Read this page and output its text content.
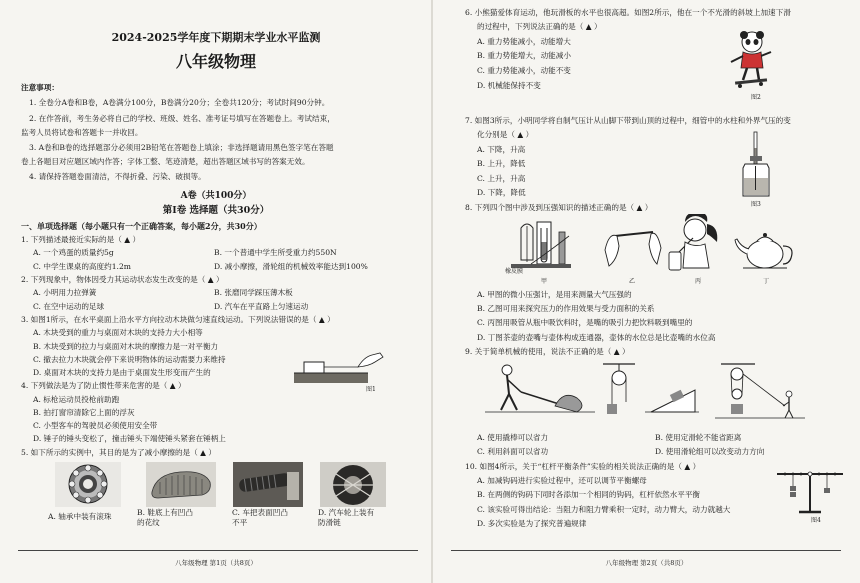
2024-2025学年度下期期末学业水平监测
八年级物理
注意事项：
1. 全卷分A卷和B卷，A卷满分100分，B卷满分20分；全卷共120分；考试时间90分钟。
2. 在作答前，考生务必将自己的学校、班级、姓名、准考证号填写在答题卷上。考试结束，
监考人员将试卷和答题卡一并收回。
3. A卷和B卷的选择题部分必须用2B铅笔在答题卷上填涂；非选择题请用黑色签字笔在答题
卷上各题目对应题区域内作答；字体工整、笔迹清楚，超出答题区域书写的答案无效。
4. 请保持答题卷面清洁，不得折叠、污染、破损等。
A卷（共100分）
第Ⅰ卷 选择题（共30分）
一、单项选择题（每小题只有一个正确答案，每小题2分，共30分）
1. 下列描述最接近实际的是（ ▲ ）
A. 一个鸡蛋的质量约5g	B. 一个普通中学生所受重力约550N
C. 中学生课桌的高度约1.2m	D. 减小摩擦，滑轮组的机械效率能达到100%
2. 下列现象中，物体因受力其运动状态发生改变的是（ ▲ ）
A. 小明用力拉弹簧	B. 张磨同学踩压薄木板
C. 在空中运动的足球	D. 汽车在平直路上匀速运动
3. 如图1所示，在水平桌面上沿水平方向拉动木块做匀速直线运动。下列说法错误的是（ ▲ ）
A. 木块受到的重力与桌面对木块的支持力大小相等
B. 木块受到的拉力与桌面对木块的摩擦力是一对平衡力
C. 撤去拉力木块就会停下来说明物体的运动需要力来维持
D. 桌面对木块的支持力是由于桌面发生形变而产生的
图1
4. 下列做法是为了防止惯性带来危害的是（ ▲ ）
A. 标枪运动员投枪前助跑
B. 拍打窗帘清除它上面的浮灰
C. 小型客车的驾驶员必须使用安全带
D. 锤子的锤头变松了，撞击锤头下端使锤头紧套在锤柄上
5. 如下所示的实例中，其目的是为了减小摩擦的是（ ▲ ）
A. 轴承中装有滚珠	B. 鞋底上有凹凸
的花纹
C. 车把表面凹凸
不平
D. 汽车轮上装有
防滑链
八年级物理 第1页（共8页）
6. 小熊猫爱体育运动，他玩滑板的水平也很高超。如图2所示，他在一个不光滑的斜坡上加速下滑
的过程中，下列说法正确的是（ ▲ ）
A. 重力势能减小，动能增大
B. 重力势能增大，动能减小
C. 重力势能减小，动能不变
D. 机械能保持不变
图2
7. 如图3所示，小明同学将自制气压计从山脚下带到山顶的过程中，细管中的水柱和外界气压的变
化分别是（ ▲ ）
A. 下降，升高
B. 上升，降低
C. 上升，升高
D. 下降，降低
图3
8. 下列四个图中涉及到压强知识的描述正确的是（ ▲ ）
橡皮膜
甲	乙	丙	丁
A. 甲图的微小压强计，是用来测量大气压强的
B. 乙图可用来探究压力的作用效果与受力面积的关系
C. 丙图用吸管从瓶中吸饮料时，是嘴的吸引力把饮料吸到嘴里的
D. 丁图茶壶的壶嘴与壶体构成连通器，壶体的水位总是比壶嘴的水位高
9. 关于简单机械的使用，说法不正确的是（ ▲ ）
A. 使用撬棒可以省力	B. 使用定滑轮不能省距离
C. 利用斜面可以省功	D. 使用滑轮组可以改变动力方向
10. 如图4所示，关于“杠杆平衡条件”实验的相关说法正确的是（ ▲ ）
A. 加减钩码进行实验过程中，还可以调节平衡螺母
B. 在两侧的钩码下同时各添加一个相同的钩码，杠杆依然水平平衡
C. 该实验可得出结论：当阻力和阻力臂乘积一定时，动力臂大，动力就越大
D. 多次实验是为了探究普遍规律	图4
八年级物理 第2页（共8页）
